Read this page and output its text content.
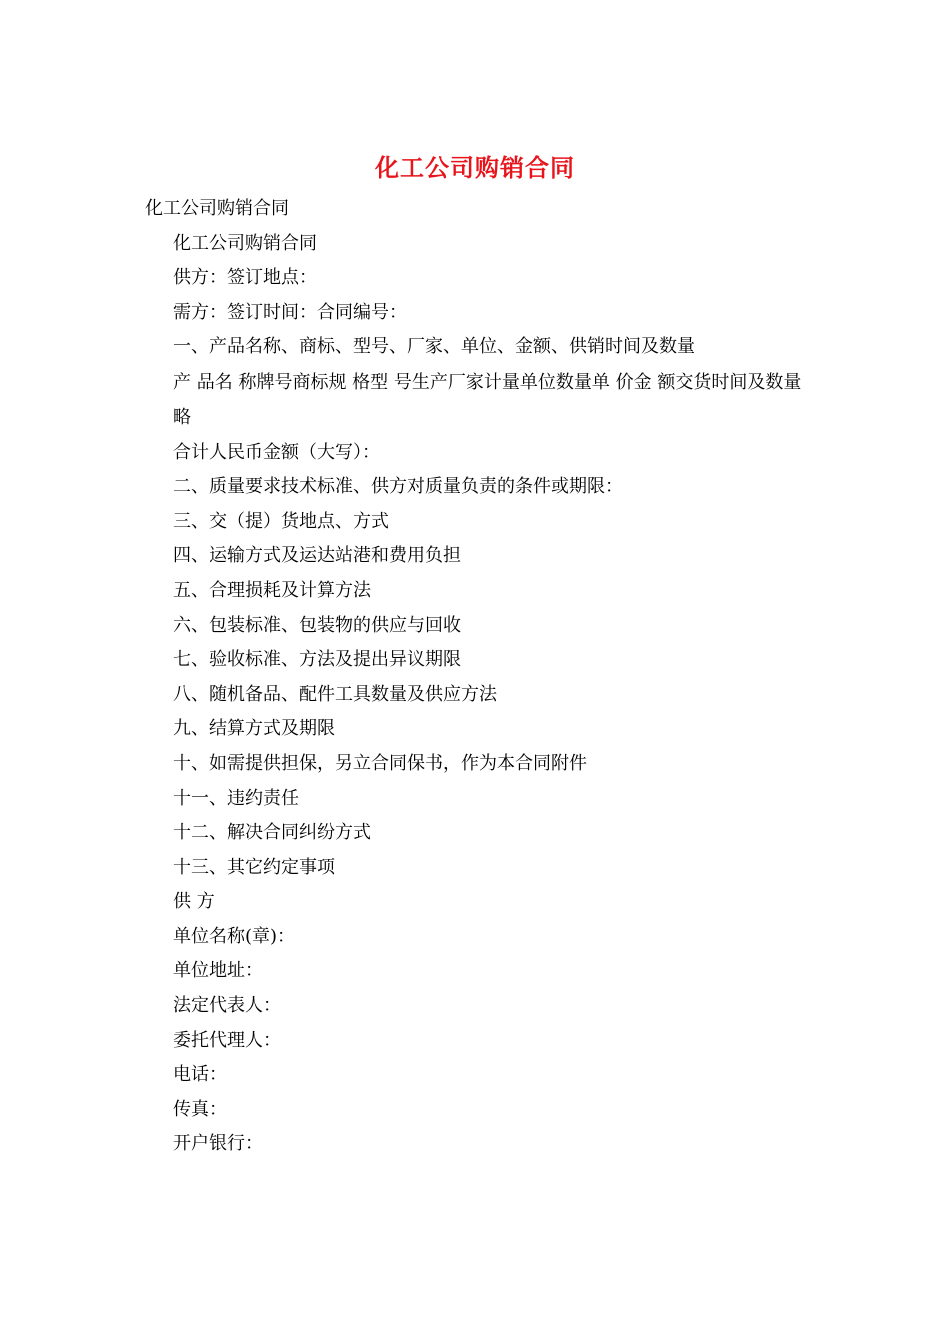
化工公司购销合同
化工公司购销合同
化工公司购销合同
供方：签订地点：
需方：签订时间：合同编号：
一、产品名称、商标、型号、厂家、单位、金额、供销时间及数量
产 品名 称牌号商标规 格型 号生产厂家计量单位数量单 价金 额交货时间及数量
略
合计人民币金额（大写）：
二、质量要求技术标准、供方对质量负责的条件或期限：
三、交（提）货地点、方式
四、运输方式及运达站港和费用负担
五、合理损耗及计算方法
六、包装标准、包装物的供应与回收
七、验收标准、方法及提出异议期限
八、随机备品、配件工具数量及供应方法
九、结算方式及期限
十、如需提供担保，另立合同保书，作为本合同附件
十一、违约责任
十二、解决合同纠纷方式
十三、其它约定事项
供 方
单位名称(章)：
单位地址：
法定代表人：
委托代理人：
电话：
传真：
开户银行：
